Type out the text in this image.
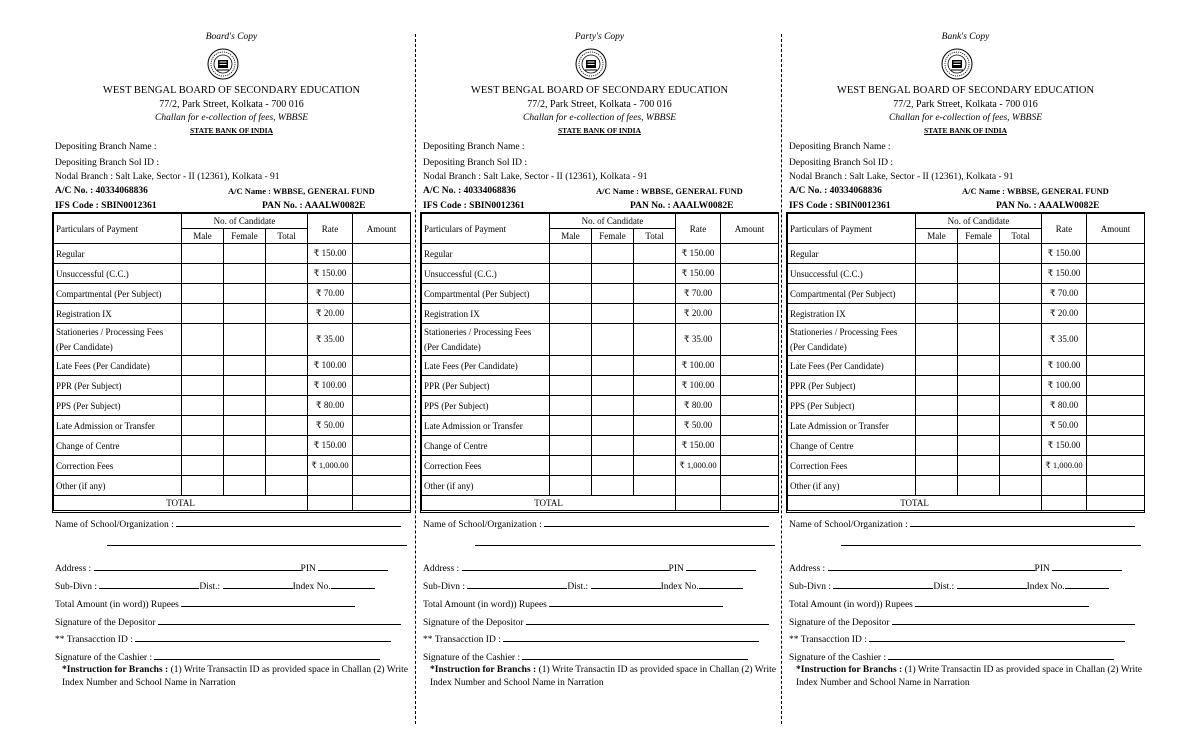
Board's Copy
WEST BENGAL BOARD OF SECONDARY EDUCATION
77/2, Park Street, Kolkata - 700 016
Challan for e-collection of fees, WBBSE
STATE BANK OF INDIA
Depositing Branch Name :
Depositing Branch Sol ID :
Nodal Branch : Salt Lake, Sector - II (12361), Kolkata - 91
A/C No. : 40334068836	A/C Name : WBBSE, GENERAL FUND
IFS Code : SBIN0012361	PAN No. : AAALW0082E
Particulars of Payment	No. of Candidate			Rate	Amount
	Male	Female	Total		
Regular				₹ 150.00	
Unsuccessful (C.C.)				₹ 150.00	
Compartmental (Per Subject)				₹ 70.00	
Registration IX				₹ 20.00	
Stationeries / Processing Fees (Per Candidate)				₹ 35.00	
Late Fees (Per Candidate)				₹ 100.00	
PPR (Per Subject)				₹ 100.00	
PPS (Per Subject)				₹ 80.00	
Late Admission or Transfer				₹ 50.00	
Change of Centre				₹ 150.00	
Correction Fees				₹ 1,000.00	
Other (if any)					
TOTAL					
Name of School/Organization :
Address :	PIN
Sub-Divn :	Dist.:	Index No.
Total Amount (in word)) Rupees
Signature of the Depositor
** Transacction ID :
Signature of the Cashier :
*Instruction for Branchs : (1) Write Transactin ID as provided space in Challan (2) Write Index Number and School Name in Narration
Party's Copy
WEST BENGAL BOARD OF SECONDARY EDUCATION
77/2, Park Street, Kolkata - 700 016
Challan for e-collection of fees, WBBSE
STATE BANK OF INDIA
Depositing Branch Name :
Depositing Branch Sol ID :
Nodal Branch : Salt Lake, Sector - II (12361), Kolkata - 91
A/C No. : 40334068836	A/C Name : WBBSE, GENERAL FUND
IFS Code : SBIN0012361	PAN No. : AAALW0082E
Particulars of Payment	No. of Candidate			Rate	Amount
	Male	Female	Total		
Regular				₹ 150.00	
Unsuccessful (C.C.)				₹ 150.00	
Compartmental (Per Subject)				₹ 70.00	
Registration IX				₹ 20.00	
Stationeries / Processing Fees (Per Candidate)				₹ 35.00	
Late Fees (Per Candidate)				₹ 100.00	
PPR (Per Subject)				₹ 100.00	
PPS (Per Subject)				₹ 80.00	
Late Admission or Transfer				₹ 50.00	
Change of Centre				₹ 150.00	
Correction Fees				₹ 1,000.00	
Other (if any)					
TOTAL					
Name of School/Organization :
Address :	PIN
Sub-Divn :	Dist.:	Index No.
Total Amount (in word)) Rupees
Signature of the Depositor
** Transacction ID :
Signature of the Cashier :
*Instruction for Branchs : (1) Write Transactin ID as provided space in Challan (2) Write Index Number and School Name in Narration
Bank's Copy
WEST BENGAL BOARD OF SECONDARY EDUCATION
77/2, Park Street, Kolkata - 700 016
Challan for e-collection of fees, WBBSE
STATE BANK OF INDIA
Depositing Branch Name :
Depositing Branch Sol ID :
Nodal Branch : Salt Lake, Sector - II (12361), Kolkata - 91
A/C No. : 40334068836	A/C Name : WBBSE, GENERAL FUND
IFS Code : SBIN0012361	PAN No. : AAALW0082E
Particulars of Payment	No. of Candidate			Rate	Amount
	Male	Female	Total		
Regular				₹ 150.00	
Unsuccessful (C.C.)				₹ 150.00	
Compartmental (Per Subject)				₹ 70.00	
Registration IX				₹ 20.00	
Stationeries / Processing Fees (Per Candidate)				₹ 35.00	
Late Fees (Per Candidate)				₹ 100.00	
PPR (Per Subject)				₹ 100.00	
PPS (Per Subject)				₹ 80.00	
Late Admission or Transfer				₹ 50.00	
Change of Centre				₹ 150.00	
Correction Fees				₹ 1,000.00	
Other (if any)					
TOTAL					
Name of School/Organization :
Address :	PIN
Sub-Divn :	Dist.:	Index No.
Total Amount (in word)) Rupees
Signature of the Depositor
** Transacction ID :
Signature of the Cashier :
*Instruction for Branchs : (1) Write Transactin ID as provided space in Challan (2) Write Index Number and School Name in Narration
